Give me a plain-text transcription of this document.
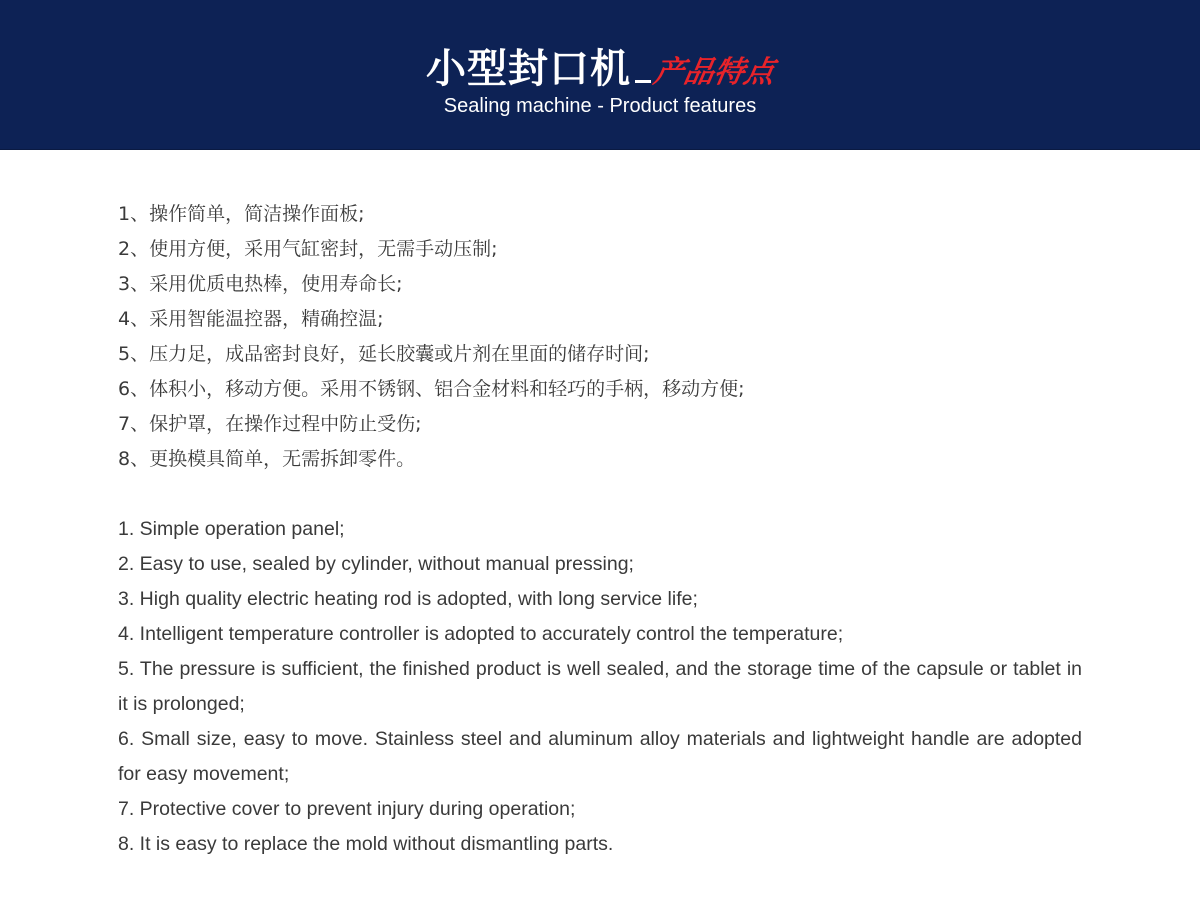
小型封口机 产品特点
Sealing machine - Product features
1、操作简单，简洁操作面板;
2、使用方便，采用气缸密封，无需手动压制;
3、采用优质电热棒，使用寿命长;
4、采用智能温控器，精确控温;
5、压力足，成品密封良好，延长胶囊或片剂在里面的储存时间;
6、体积小，移动方便。采用不锈钢、铝合金材料和轻巧的手柄，移动方便;
7、保护罩，在操作过程中防止受伤;
8、更换模具简单，无需拆卸零件。
1. Simple operation panel;
2. Easy to use, sealed by cylinder, without manual pressing;
3. High quality electric heating rod is adopted, with long service life;
4. Intelligent temperature controller is adopted to accurately control the temperature;
5. The pressure is sufficient, the finished product is well sealed, and the storage time of the capsule or tablet in it is prolonged;
6. Small size, easy to move. Stainless steel and aluminum alloy materials and lightweight handle are adopted for easy movement;
7. Protective cover to prevent injury during operation;
8. It is easy to replace the mold without dismantling parts.
